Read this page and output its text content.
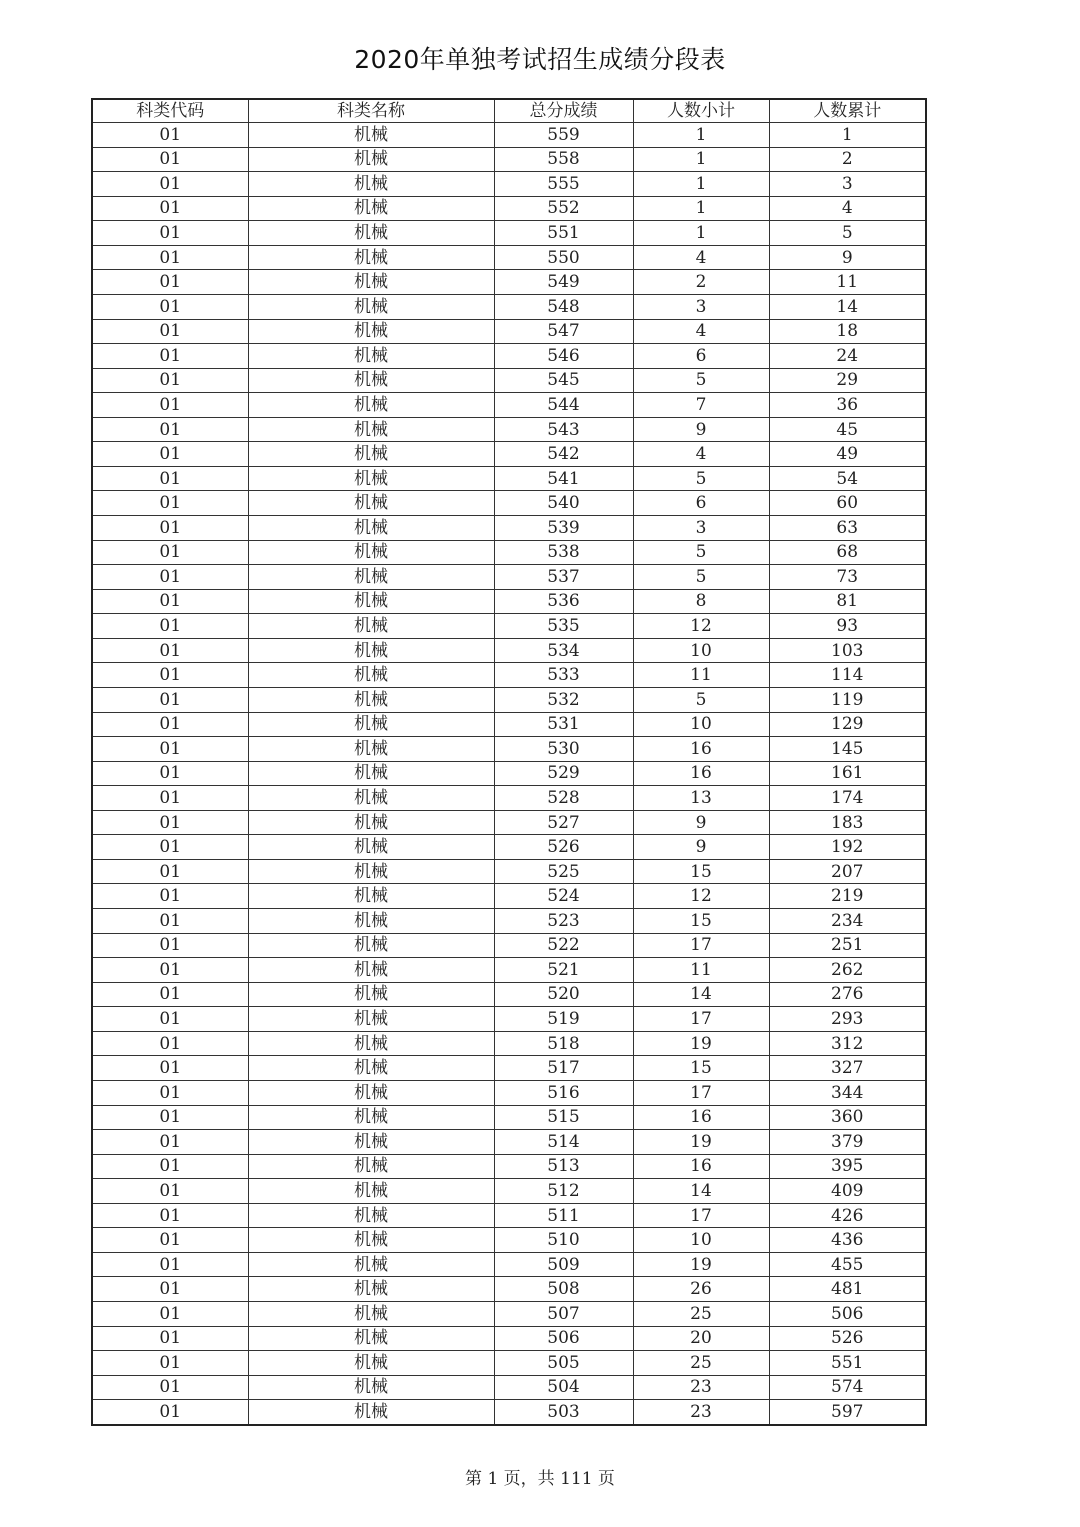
2020年单独考试招生成绩分段表
科类代码	科类名称	总分成绩	人数小计	人数累计
01	机械	559	1	1
01	机械	558	1	2
01	机械	555	1	3
01	机械	552	1	4
01	机械	551	1	5
01	机械	550	4	9
01	机械	549	2	11
01	机械	548	3	14
01	机械	547	4	18
01	机械	546	6	24
01	机械	545	5	29
01	机械	544	7	36
01	机械	543	9	45
01	机械	542	4	49
01	机械	541	5	54
01	机械	540	6	60
01	机械	539	3	63
01	机械	538	5	68
01	机械	537	5	73
01	机械	536	8	81
01	机械	535	12	93
01	机械	534	10	103
01	机械	533	11	114
01	机械	532	5	119
01	机械	531	10	129
01	机械	530	16	145
01	机械	529	16	161
01	机械	528	13	174
01	机械	527	9	183
01	机械	526	9	192
01	机械	525	15	207
01	机械	524	12	219
01	机械	523	15	234
01	机械	522	17	251
01	机械	521	11	262
01	机械	520	14	276
01	机械	519	17	293
01	机械	518	19	312
01	机械	517	15	327
01	机械	516	17	344
01	机械	515	16	360
01	机械	514	19	379
01	机械	513	16	395
01	机械	512	14	409
01	机械	511	17	426
01	机械	510	10	436
01	机械	509	19	455
01	机械	508	26	481
01	机械	507	25	506
01	机械	506	20	526
01	机械	505	25	551
01	机械	504	23	574
01	机械	503	23	597
第 1 页，共 111 页
